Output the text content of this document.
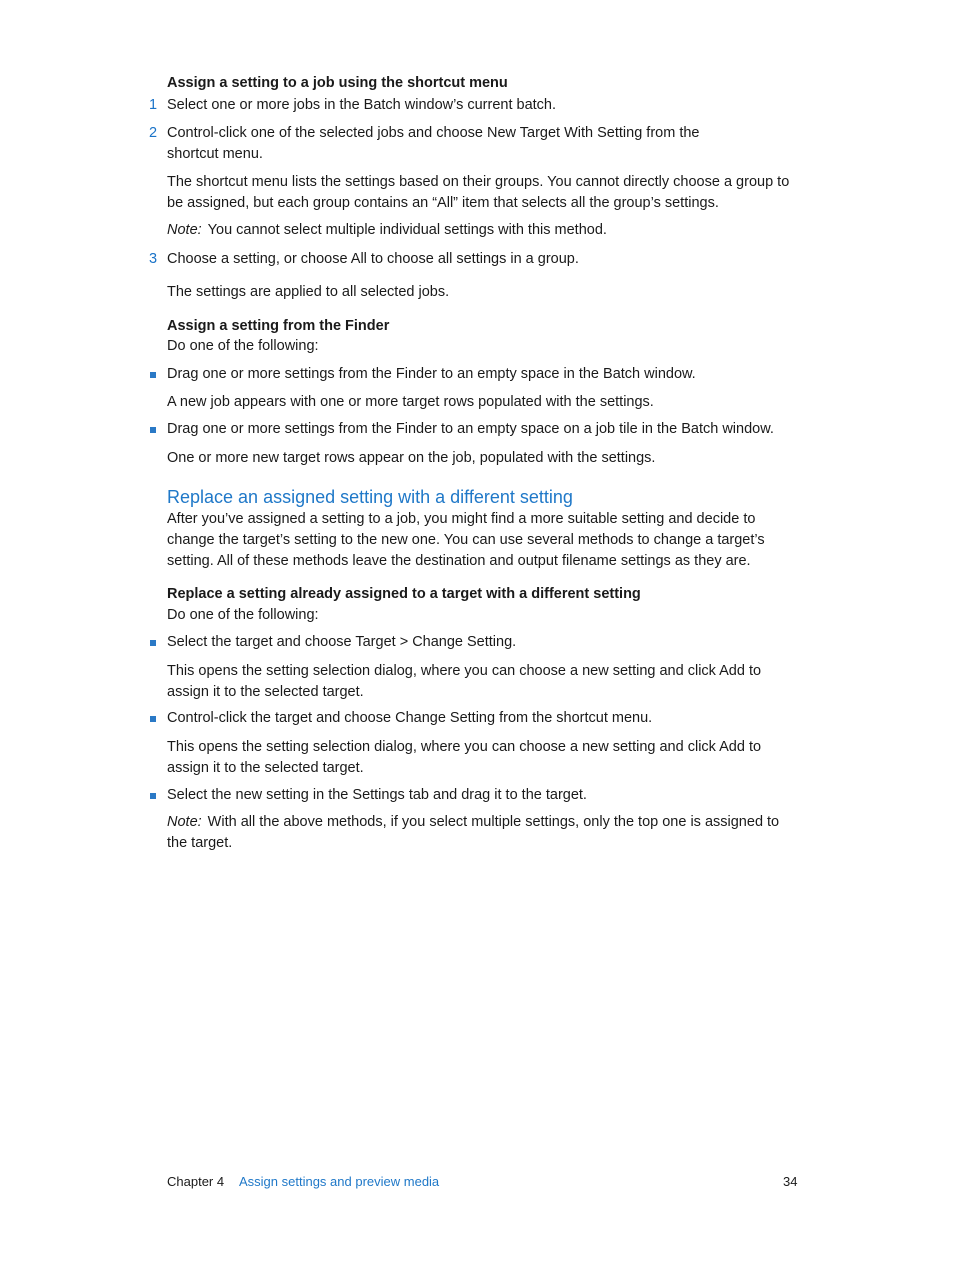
Assign a setting to a job using the shortcut menu

1 Select one or more jobs in the Batch window’s current batch.

2 Control-click one of the selected jobs and choose New Target With Setting from the shortcut menu.

The shortcut menu lists the settings based on their groups. You cannot directly choose a group to be assigned, but each group contains an “All” item that selects all the group’s settings.

Note: You cannot select multiple individual settings with this method.

3 Choose a setting, or choose All to choose all settings in a group.

The settings are applied to all selected jobs.

Assign a setting from the Finder

Do one of the following:

Drag one or more settings from the Finder to an empty space in the Batch window.

A new job appears with one or more target rows populated with the settings.

Drag one or more settings from the Finder to an empty space on a job tile in the Batch window.

One or more new target rows appear on the job, populated with the settings.

Replace an assigned setting with a different setting

After you’ve assigned a setting to a job, you might find a more suitable setting and decide to change the target’s setting to the new one. You can use several methods to change a target’s setting. All of these methods leave the destination and output filename settings as they are.

Replace a setting already assigned to a target with a different setting

Do one of the following:

Select the target and choose Target > Change Setting.

This opens the setting selection dialog, where you can choose a new setting and click Add to assign it to the selected target.

Control-click the target and choose Change Setting from the shortcut menu.

This opens the setting selection dialog, where you can choose a new setting and click Add to assign it to the selected target.

Select the new setting in the Settings tab and drag it to the target.

Note: With all the above methods, if you select multiple settings, only the top one is assigned to the target.

Chapter 4 Assign settings and preview media	34
